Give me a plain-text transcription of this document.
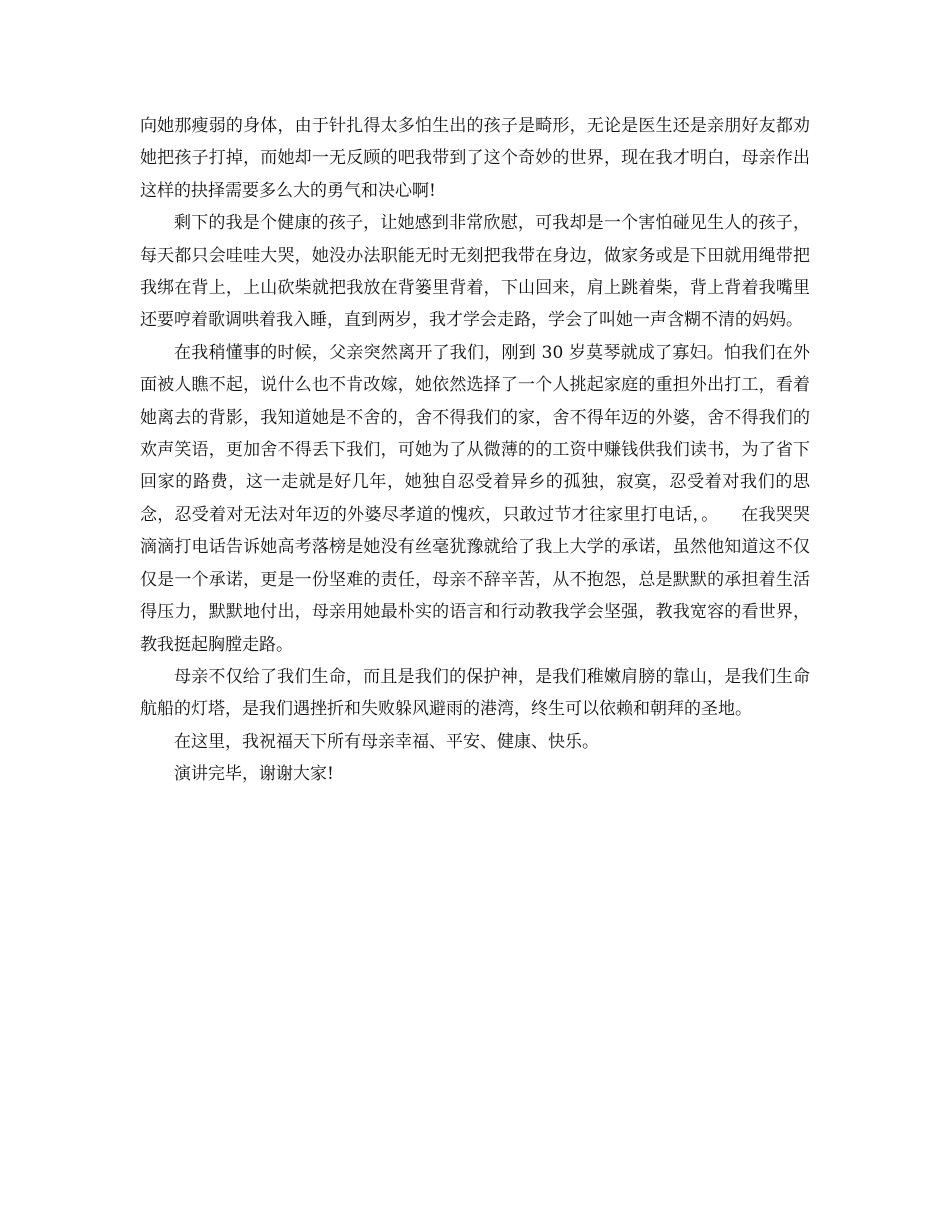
向她那瘦弱的身体，由于针扎得太多怕生出的孩子是畸形，无论是医生还是亲朋好友都劝她把孩子打掉，而她却一无反顾的吧我带到了这个奇妙的世界，现在我才明白，母亲作出这样的抉择需要多么大的勇气和决心啊!

剩下的我是个健康的孩子，让她感到非常欣慰，可我却是一个害怕碰见生人的孩子，每天都只会哇哇大哭，她没办法职能无时无刻把我带在身边，做家务或是下田就用绳带把我绑在背上，上山砍柴就把我放在背篓里背着，下山回来，肩上跳着柴，背上背着我嘴里还要哼着歌调哄着我入睡，直到两岁，我才学会走路，学会了叫她一声含糊不清的妈妈。

在我稍懂事的时候，父亲突然离开了我们，刚到 30 岁莫琴就成了寡妇。怕我们在外面被人瞧不起，说什么也不肯改嫁，她依然选择了一个人挑起家庭的重担外出打工，看着她离去的背影，我知道她是不舍的，舍不得我们的家，舍不得年迈的外婆，舍不得我们的欢声笑语，更加舍不得丢下我们，可她为了从微薄的的工资中赚钱供我们读书，为了省下回家的路费，这一走就是好几年，她独自忍受着异乡的孤独，寂寞，忍受着对我们的思念，忍受着对无法对年迈的外婆尽孝道的愧疚，只敢过节才往家里打电话，。    在我哭哭滴滴打电话告诉她高考落榜是她没有丝毫犹豫就给了我上大学的承诺，虽然他知道这不仅仅是一个承诺，更是一份坚难的责任，母亲不辞辛苦，从不抱怨，总是默默的承担着生活得压力，默默地付出，母亲用她最朴实的语言和行动教我学会坚强，教我宽容的看世界，教我挺起胸膛走路。

母亲不仅给了我们生命，而且是我们的保护神，是我们稚嫩肩膀的靠山，是我们生命航船的灯塔，是我们遇挫折和失败躲风避雨的港湾，终生可以依赖和朝拜的圣地。

在这里，我祝福天下所有母亲幸福、平安、健康、快乐。

演讲完毕，谢谢大家!
